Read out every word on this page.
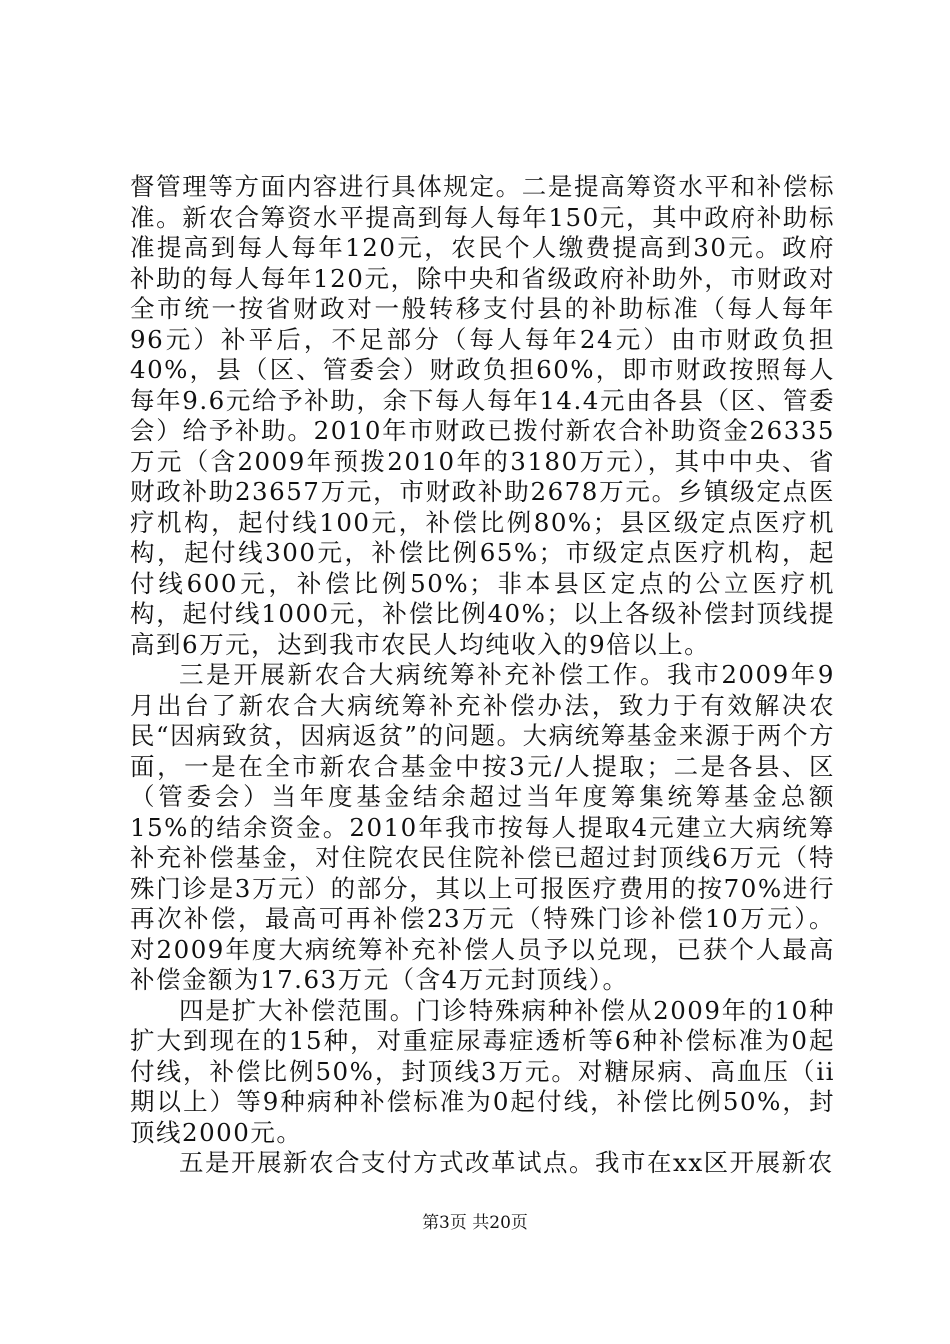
督管理等方面内容进行具体规定。二是提高筹资水平和补偿标准。新农合筹资水平提高到每人每年150元，其中政府补助标准提高到每人每年120元，农民个人缴费提高到30元。政府补助的每人每年120元，除中央和省级政府补助外，市财政对全市统一按省财政对一般转移支付县的补助标准（每人每年96元）补平后，不足部分（每人每年24元）由市财政负担40%，县（区、管委会）财政负担60%，即市财政按照每人每年9.6元给予补助，余下每人每年14.4元由各县（区、管委会）给予补助。2010年市财政已拨付新农合补助资金26335万元（含2009年预拨2010年的3180万元），其中中央、省财政补助23657万元，市财政补助2678万元。乡镇级定点医疗机构，起付线100元，补偿比例80%；县区级定点医疗机构，起付线300元，补偿比例65%；市级定点医疗机构，起付线600元，补偿比例50%；非本县区定点的公立医疗机构，起付线1000元，补偿比例40%；以上各级补偿封顶线提高到6万元，达到我市农民人均纯收入的9倍以上。

三是开展新农合大病统筹补充补偿工作。我市2009年9月出台了新农合大病统筹补充补偿办法，致力于有效解决农民“因病致贫，因病返贫”的问题。大病统筹基金来源于两个方面，一是在全市新农合基金中按3元/人提取；二是各县、区（管委会）当年度基金结余超过当年度筹集统筹基金总额15%的结余资金。2010年我市按每人提取4元建立大病统筹补充补偿基金，对住院农民住院补偿已超过封顶线6万元（特殊门诊是3万元）的部分，其以上可报医疗费用的按70%进行再次补偿，最高可再补偿23万元（特殊门诊补偿10万元）。对2009年度大病统筹补充补偿人员予以兑现，已获个人最高补偿金额为17.63万元（含4万元封顶线）。

四是扩大补偿范围。门诊特殊病种补偿从2009年的10种扩大到现在的15种，对重症尿毒症透析等6种补偿标准为0起付线，补偿比例50%，封顶线3万元。对糖尿病、高血压（ii期以上）等9种病种补偿标准为0起付线，补偿比例50%，封顶线2000元。

五是开展新农合支付方式改革试点。我市在xx区开展新农

第3页 共20页
